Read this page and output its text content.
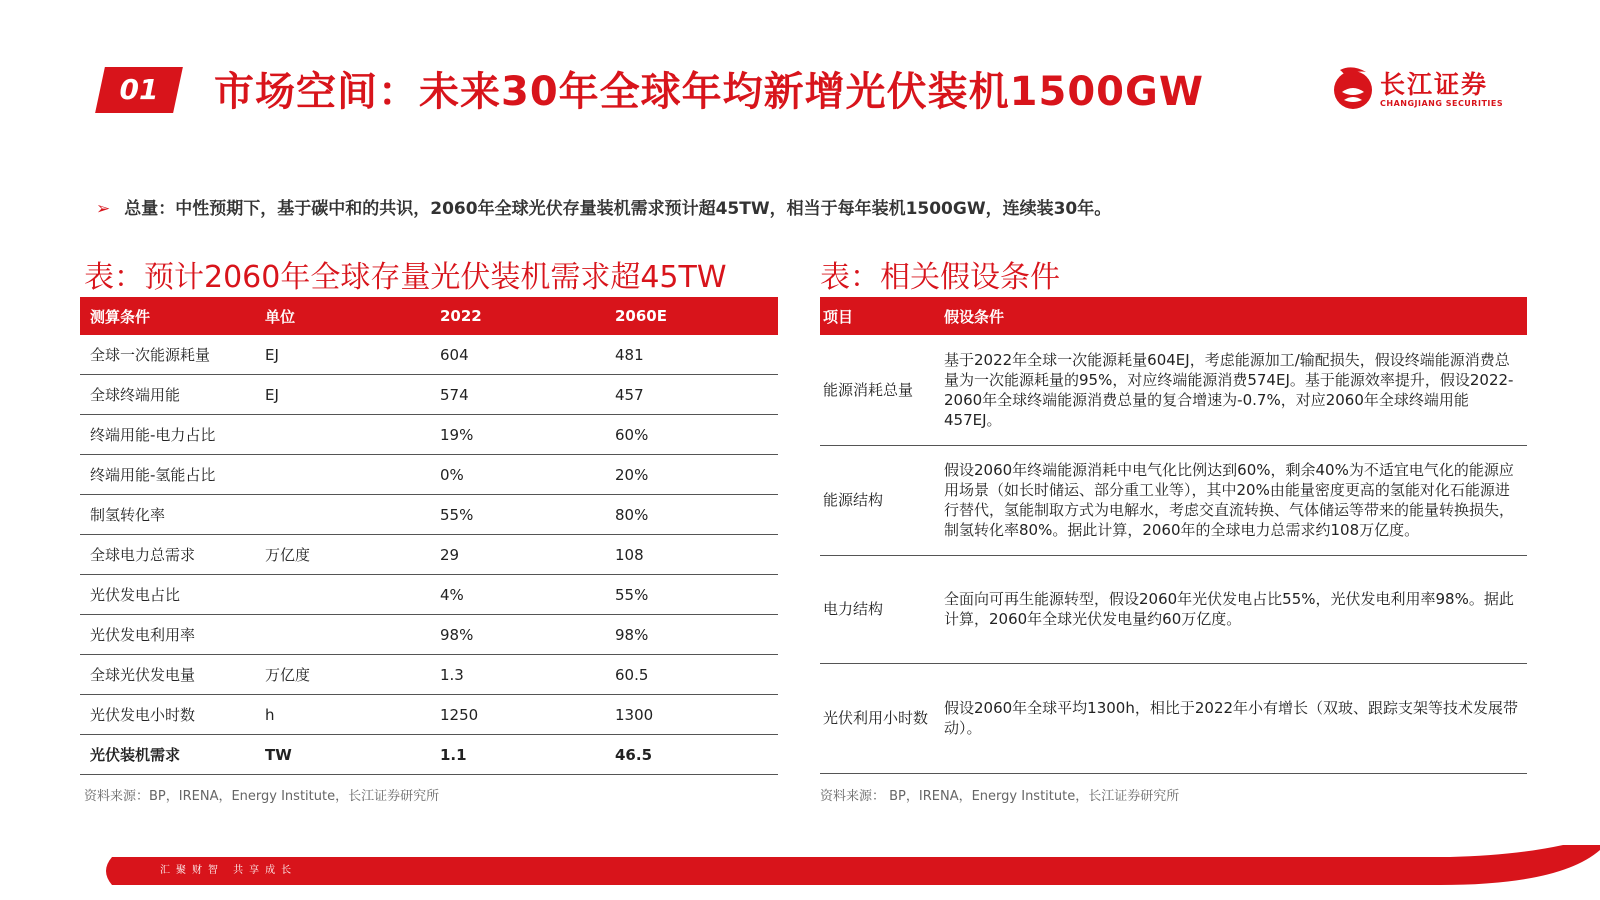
01	市场空间：未来30年全球年均新增光伏装机1500GW	长江证券
CHANGJIANG SECURITIES
➢ 总量：中性预期下，基于碳中和的共识，2060年全球光伏存量装机需求预计超45TW，相当于每年装机1500GW，连续装30年。
表：预计2060年全球存量光伏装机需求超45TW
测算条件	单位	2022	2060E
全球一次能源耗量	EJ	604	481
全球终端用能	EJ	574	457
终端用能-电力占比		19%	60%
终端用能-氢能占比		0%	20%
制氢转化率		55%	80%
全球电力总需求	万亿度	29	108
光伏发电占比		4%	55%
光伏发电利用率		98%	98%
全球光伏发电量	万亿度	1.3	60.5
光伏发电小时数	h	1250	1300
光伏装机需求	TW	1.1	46.5
资料来源：BP，IRENA，Energy Institute，长江证券研究所
表：相关假设条件
项目	假设条件
能源消耗总量	基于2022年全球一次能源耗量604EJ，考虑能源加工/输配损失，假设终端能源消费总量为一次能源耗量的95%，对应终端能源消费574EJ。基于能源效率提升，假设2022-2060年全球终端能源消费总量的复合增速为-0.7%，对应2060年全球终端用能457EJ。
能源结构	假设2060年终端能源消耗中电气化比例达到60%，剩余40%为不适宜电气化的能源应用场景（如长时储运、部分重工业等），其中20%由能量密度更高的氢能对化石能源进行替代，氢能制取方式为电解水，考虑交直流转换、气体储运等带来的能量转换损失，制氢转化率80%。据此计算，2060年的全球电力总需求约108万亿度。
电力结构	全面向可再生能源转型，假设2060年光伏发电占比55%，光伏发电利用率98%。据此计算，2060年全球光伏发电量约60万亿度。
光伏利用小时数	假设2060年全球平均1300h，相比于2022年小有增长（双玻、跟踪支架等技术发展带动）。
资料来源： BP，IRENA，Energy Institute，长江证券研究所
汇聚财智 共享成长
